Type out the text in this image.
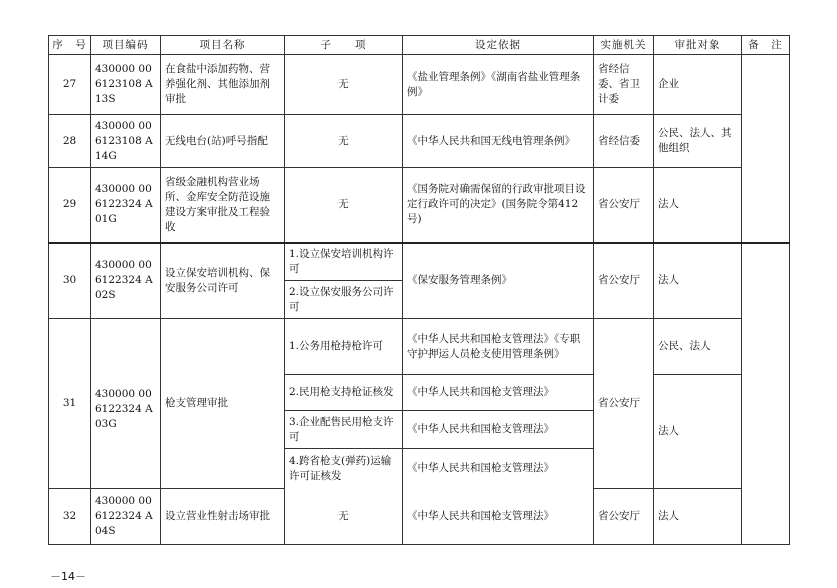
序　号	项目编码	项目名称	子　　项	设定依据	实施机关	审批对象	备　注
27	430000 006123108 A13S	在食盐中添加药物、营养强化剂、其他添加剂审批	无	《盐业管理条例》《湖南省盐业管理条例》	省经信委、省卫计委	企业	
28	430000 006123108 A14G	无线电台(站)呼号指配	无	《中华人民共和国无线电管理条例》	省经信委	公民、法人、其他组织	
29	430000 006122324 A01G	省级金融机构营业场所、金库安全防范设施建设方案审批及工程验收	无	《国务院对确需保留的行政审批项目设定行政许可的决定》(国务院令第412号)	省公安厅	法人	
30	430000 006122324 A02S	设立保安培训机构、保安服务公司许可	1.设立保安培训机构许可	《保安服务管理条例》	省公安厅	法人	
			2.设立保安服务公司许可				
31	430000 006122324 A03G	枪支管理审批	1.公务用枪持枪许可	《中华人民共和国枪支管理法》《专职守护押运人员枪支使用管理条例》	省公安厅	公民、法人	
			2.民用枪支持枪证核发	《中华人民共和国枪支管理法》		法人	
			3.企业配售民用枪支许可	《中华人民共和国枪支管理法》			
			4.跨省枪支(弹药)运输许可证核发	《中华人民共和国枪支管理法》			
32	430000 006122324 A04S	设立营业性射击场审批	无	《中华人民共和国枪支管理法》	省公安厅	法人	
－14－
